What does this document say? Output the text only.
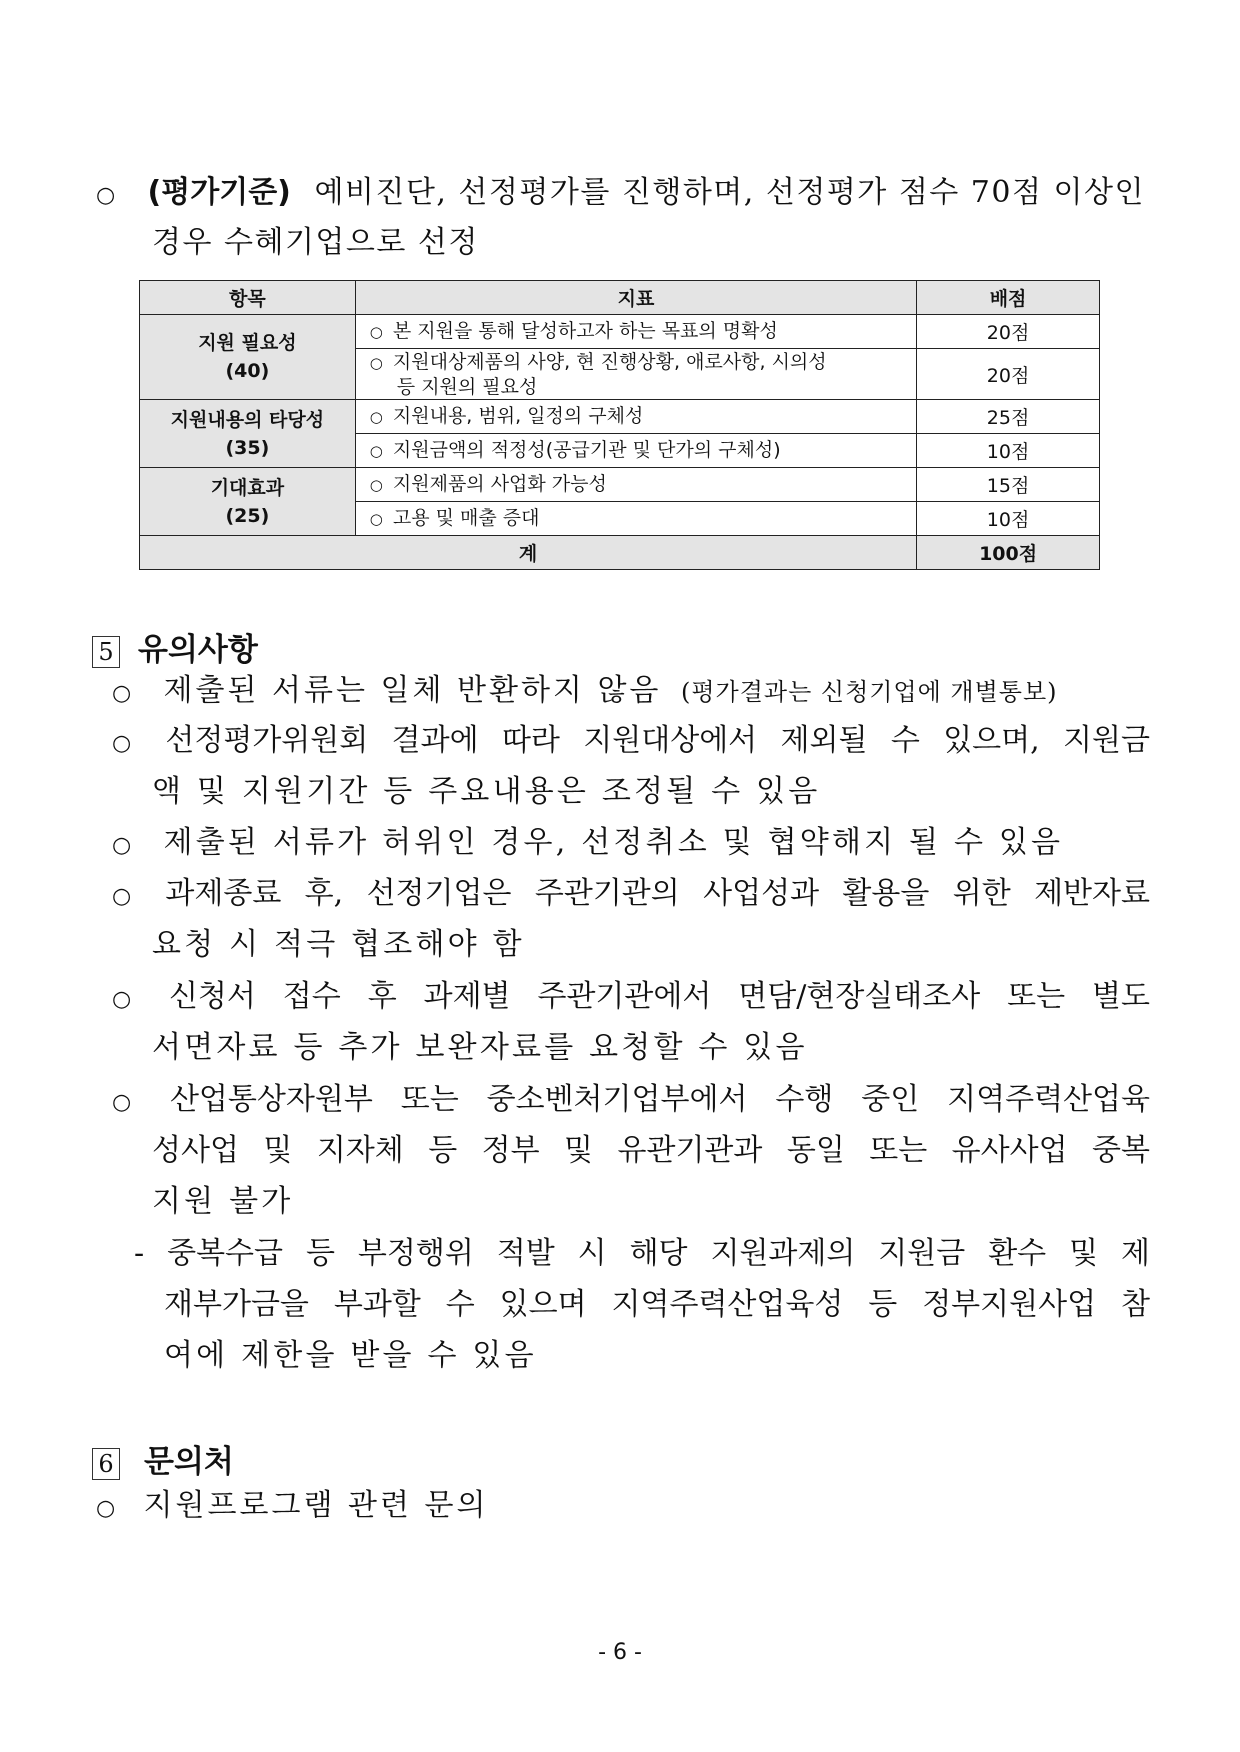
○ (평가기준) 예비진단, 선정평가를 진행하며, 선정평가 점수 70점 이상인
경우 수혜기업으로 선정
항목	지표	배점

지원 필요성
(40)	○ 본 지원을 통해 달성하고자 하는 목표의 명확성	20점

	○ 지원대상제품의 사양, 현 진행상황, 애로사항, 시의성
등 지원의 필요성	20점

지원내용의 타당성
(35)	○ 지원내용, 범위, 일정의 구체성	25점
	○ 지원금액의 적정성(공급기관 및 단가의 구체성)	10점

기대효과
(25)	○ 지원제품의 사업화 가능성	15점
	○ 고용 및 매출 증대	10점
계		100점
5 유의사항
○ 제출된 서류는 일체 반환하지 않음 (평가결과는 신청기업에 개별통보)
○ 선정평가위원회 결과에 따라 지원대상에서 제외될 수 있으며, 지원금
액 및 지원기간 등 주요내용은 조정될 수 있음
○ 제출된 서류가 허위인 경우, 선정취소 및 협약해지 될 수 있음
○ 과제종료 후, 선정기업은 주관기관의 사업성과 활용을 위한 제반자료
요청 시 적극 협조해야 함
○ 신청서 접수 후 과제별 주관기관에서 면담/현장실태조사 또는 별도
서면자료 등 추가 보완자료를 요청할 수 있음
○ 산업통상자원부 또는 중소벤처기업부에서 수행 중인 지역주력산업육
성사업 및 지자체 등 정부 및 유관기관과 동일 또는 유사사업 중복
지원 불가
- 중복수급 등 부정행위 적발 시 해당 지원과제의 지원금 환수 및 제
재부가금을 부과할 수 있으며 지역주력산업육성 등 정부지원사업 참
여에 제한을 받을 수 있음
6 문의처
○ 지원프로그램 관련 문의
- 6 -
